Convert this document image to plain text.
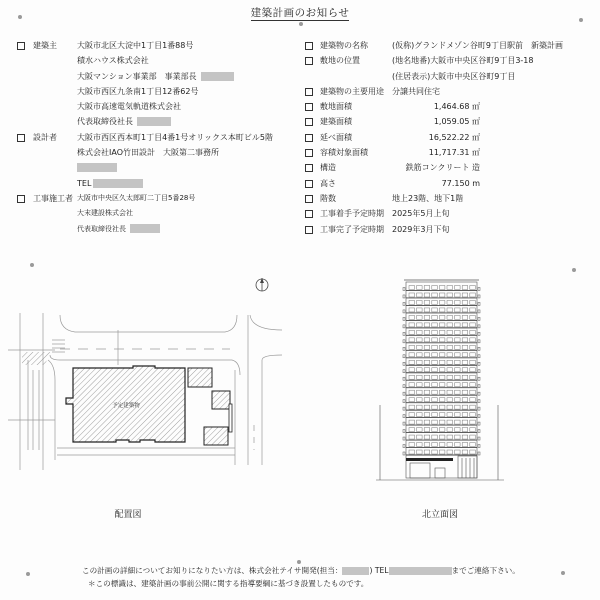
建築計画のお知らせ
建築主	大阪市北区大淀中1丁目1番88号
積水ハウス株式会社
大阪マンション事業部　事業部長
大阪市西区九条南1丁目12番62号
大阪市高速電気軌道株式会社
代表取締役社長
設計者	大阪市西区西本町1丁目4番1号オリックス本町ビル5階
株式会社IAO竹田設計　大阪第二事務所
TEL
工事施工者 大阪市中央区久太郎町二丁目5番28号
大末建設株式会社
代表取締役社長
建築物の名称	(仮称)グランドメゾン谷町9丁目駅前　新築計画
敷地の位置	(地名地番)大阪市中央区谷町9丁目3-18
(住居表示)大阪市中央区谷町9丁目
建築物の主要用途 分譲共同住宅
敷地面積	1,464.68 ㎡
建築面積	1,059.05 ㎡
延べ面積	16,522.22 ㎡
容積対象面積	11,717.31 ㎡
構造	鉄筋コンクリート 造
高さ	77.150 m
階数	地上23階、地下1階
工事着手予定時期 2025年5月上旬
工事完了予定時期 2029年3月下旬
予定建築物
配置図	北立面図
この計画の詳細についてお知りになりたい方は、株式会社テイサ開発(担当：	) TEL	までご連絡下さい。
＊この標識は、建築計画の事前公開に関する指導要綱に基づき設置したものです。
